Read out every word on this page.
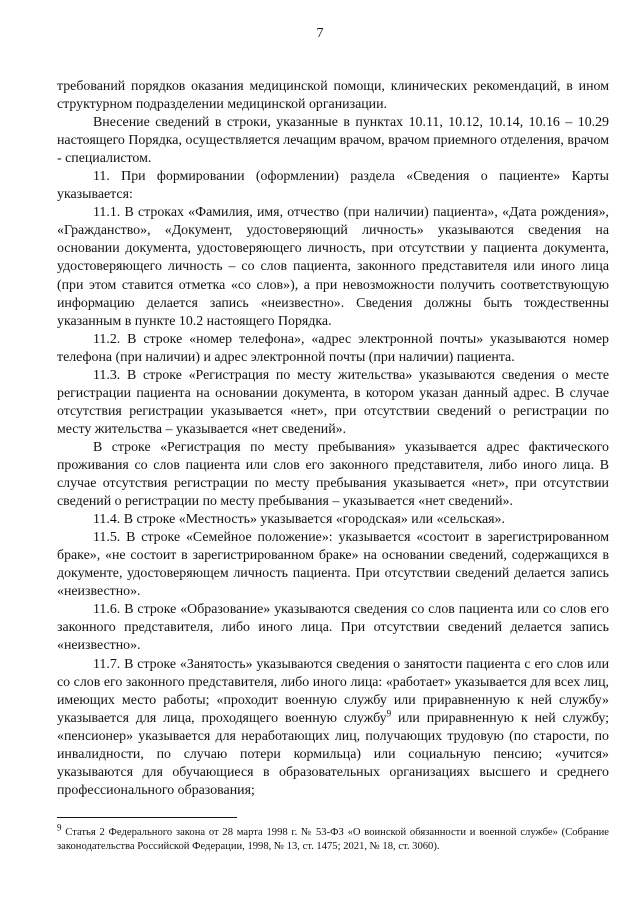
7

требований порядков оказания медицинской помощи, клинических рекомендаций, в ином структурном подразделении медицинской организации.

Внесение сведений в строки, указанные в пунктах 10.11, 10.12, 10.14, 10.16 – 10.29 настоящего Порядка, осуществляется лечащим врачом, врачом приемного отделения, врачом - специалистом.

11. При формировании (оформлении) раздела «Сведения о пациенте» Карты указывается:

11.1. В строках «Фамилия, имя, отчество (при наличии) пациента», «Дата рождения», «Гражданство», «Документ, удостоверяющий личность» указываются сведения на основании документа, удостоверяющего личность, при отсутствии у пациента документа, удостоверяющего личность – со слов пациента, законного представителя или иного лица (при этом ставится отметка «со слов»), а при невозможности получить соответствующую информацию делается запись «неизвестно». Сведения должны быть тождественны указанным в пункте 10.2 настоящего Порядка.

11.2. В строке «номер телефона», «адрес электронной почты» указываются номер телефона (при наличии) и адрес электронной почты (при наличии) пациента.

11.3. В строке «Регистрация по месту жительства» указываются сведения о месте регистрации пациента на основании документа, в котором указан данный адрес. В случае отсутствия регистрации указывается «нет», при отсутствии сведений о регистрации по месту жительства – указывается «нет сведений».

В строке «Регистрация по месту пребывания» указывается адрес фактического проживания со слов пациента или слов его законного представителя, либо иного лица. В случае отсутствия регистрации по месту пребывания указывается «нет», при отсутствии сведений о регистрации по месту пребывания – указывается «нет сведений».

11.4. В строке «Местность» указывается «городская» или «сельская».

11.5. В строке «Семейное положение»: указывается «состоит в зарегистрированном браке», «не состоит в зарегистрированном браке» на основании сведений, содержащихся в документе, удостоверяющем личность пациента. При отсутствии сведений делается запись «неизвестно».

11.6. В строке «Образование» указываются сведения со слов пациента или со слов его законного представителя, либо иного лица. При отсутствии сведений делается запись «неизвестно».

11.7. В строке «Занятость» указываются сведения о занятости пациента с его слов или со слов его законного представителя, либо иного лица: «работает» указывается для всех лиц, имеющих место работы; «проходит военную службу или приравненную к ней службу» указывается для лица, проходящего военную службу$^9$ или приравненную к ней службу; «пенсионер» указывается для неработающих лиц, получающих трудовую (по старости, по инвалидности, по случаю потери кормильца) или социальную пенсию; «учится» указываются для обучающиеся в образовательных организациях высшего и среднего профессионального образования;

$^9$ Статья 2 Федерального закона от 28 марта 1998 г. № 53-ФЗ «О воинской обязанности и военной службе» (Собрание законодательства Российской Федерации, 1998, № 13, ст. 1475; 2021, № 18, ст. 3060).
